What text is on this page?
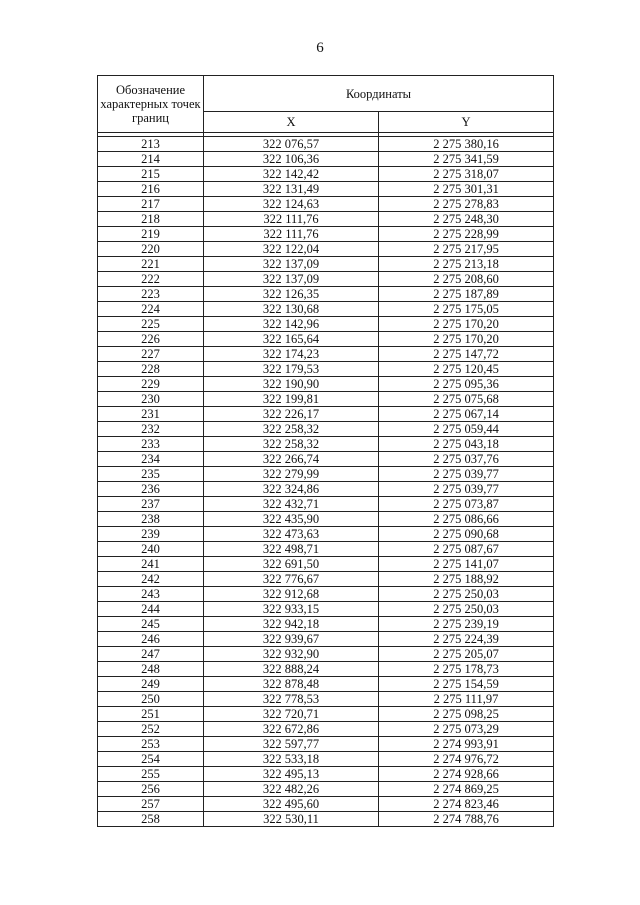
6
Обозначение характерных точек границ	Координаты	
	X	Y

213	322 076,57	2 275 380,16
214	322 106,36	2 275 341,59
215	322 142,42	2 275 318,07
216	322 131,49	2 275 301,31
217	322 124,63	2 275 278,83
218	322 111,76	2 275 248,30
219	322 111,76	2 275 228,99
220	322 122,04	2 275 217,95
221	322 137,09	2 275 213,18
222	322 137,09	2 275 208,60
223	322 126,35	2 275 187,89
224	322 130,68	2 275 175,05
225	322 142,96	2 275 170,20
226	322 165,64	2 275 170,20
227	322 174,23	2 275 147,72
228	322 179,53	2 275 120,45
229	322 190,90	2 275 095,36
230	322 199,81	2 275 075,68
231	322 226,17	2 275 067,14
232	322 258,32	2 275 059,44
233	322 258,32	2 275 043,18
234	322 266,74	2 275 037,76
235	322 279,99	2 275 039,77
236	322 324,86	2 275 039,77
237	322 432,71	2 275 073,87
238	322 435,90	2 275 086,66
239	322 473,63	2 275 090,68
240	322 498,71	2 275 087,67
241	322 691,50	2 275 141,07
242	322 776,67	2 275 188,92
243	322 912,68	2 275 250,03
244	322 933,15	2 275 250,03
245	322 942,18	2 275 239,19
246	322 939,67	2 275 224,39
247	322 932,90	2 275 205,07
248	322 888,24	2 275 178,73
249	322 878,48	2 275 154,59
250	322 778,53	2 275 111,97
251	322 720,71	2 275 098,25
252	322 672,86	2 275 073,29
253	322 597,77	2 274 993,91
254	322 533,18	2 274 976,72
255	322 495,13	2 274 928,66
256	322 482,26	2 274 869,25
257	322 495,60	2 274 823,46
258	322 530,11	2 274 788,76
